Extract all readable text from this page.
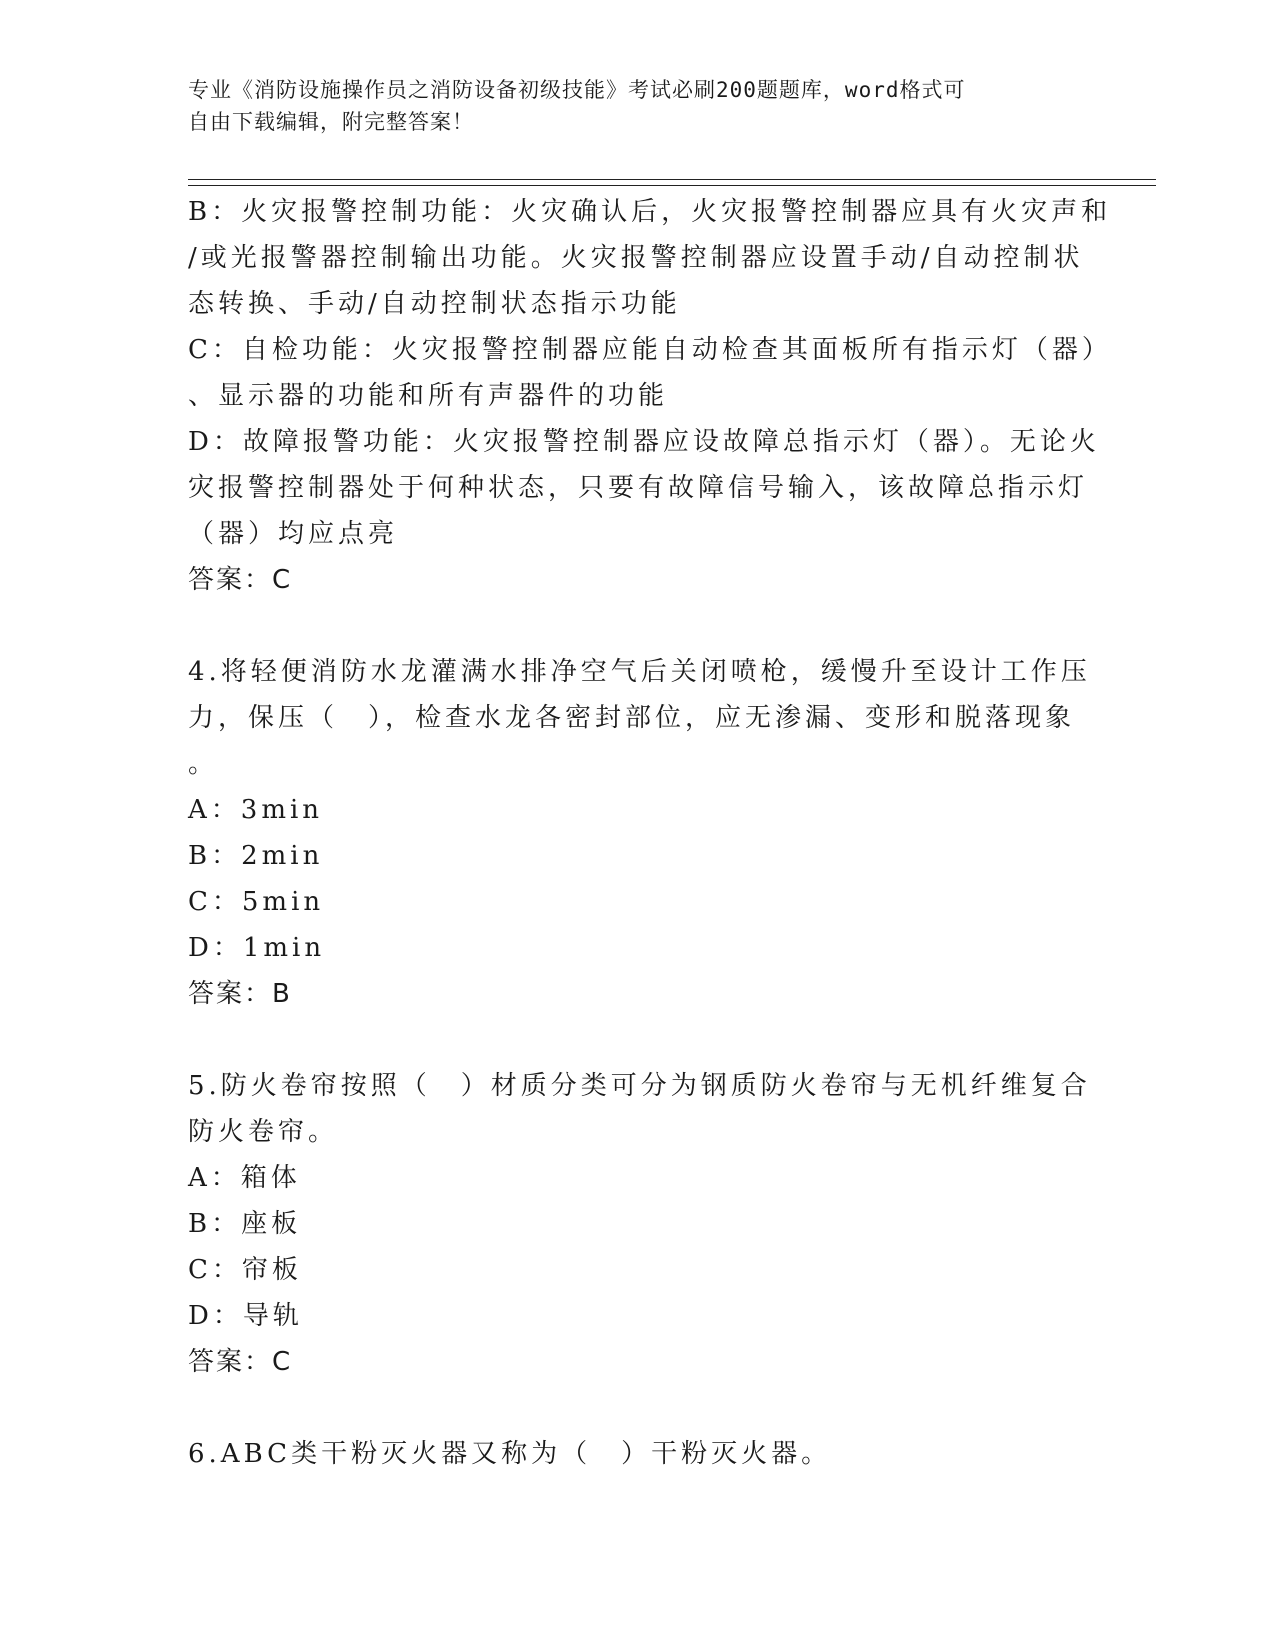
专业《消防设施操作员之消防设备初级技能》考试必刷200题题库，word格式可
自由下载编辑，附完整答案！
B：火灾报警控制功能：火灾确认后，火灾报警控制器应具有火灾声和
/或光报警器控制输出功能。火灾报警控制器应设置手动/自动控制状
态转换、手动/自动控制状态指示功能
C：自检功能：火灾报警控制器应能自动检查其面板所有指示灯（器）
、显示器的功能和所有声器件的功能
D：故障报警功能：火灾报警控制器应设故障总指示灯（器）。无论火
灾报警控制器处于何种状态，只要有故障信号输入，该故障总指示灯
（器）均应点亮
答案：C
4.将轻便消防水龙灌满水排净空气后关闭喷枪，缓慢升至设计工作压
力，保压（　），检查水龙各密封部位，应无渗漏、变形和脱落现象
。
A：3min
B：2min
C：5min
D：1min
答案：B
5.防火卷帘按照（　）材质分类可分为钢质防火卷帘与无机纤维复合
防火卷帘。
A：箱体
B：座板
C：帘板
D：导轨
答案：C
6.ABC类干粉灭火器又称为（　）干粉灭火器。
